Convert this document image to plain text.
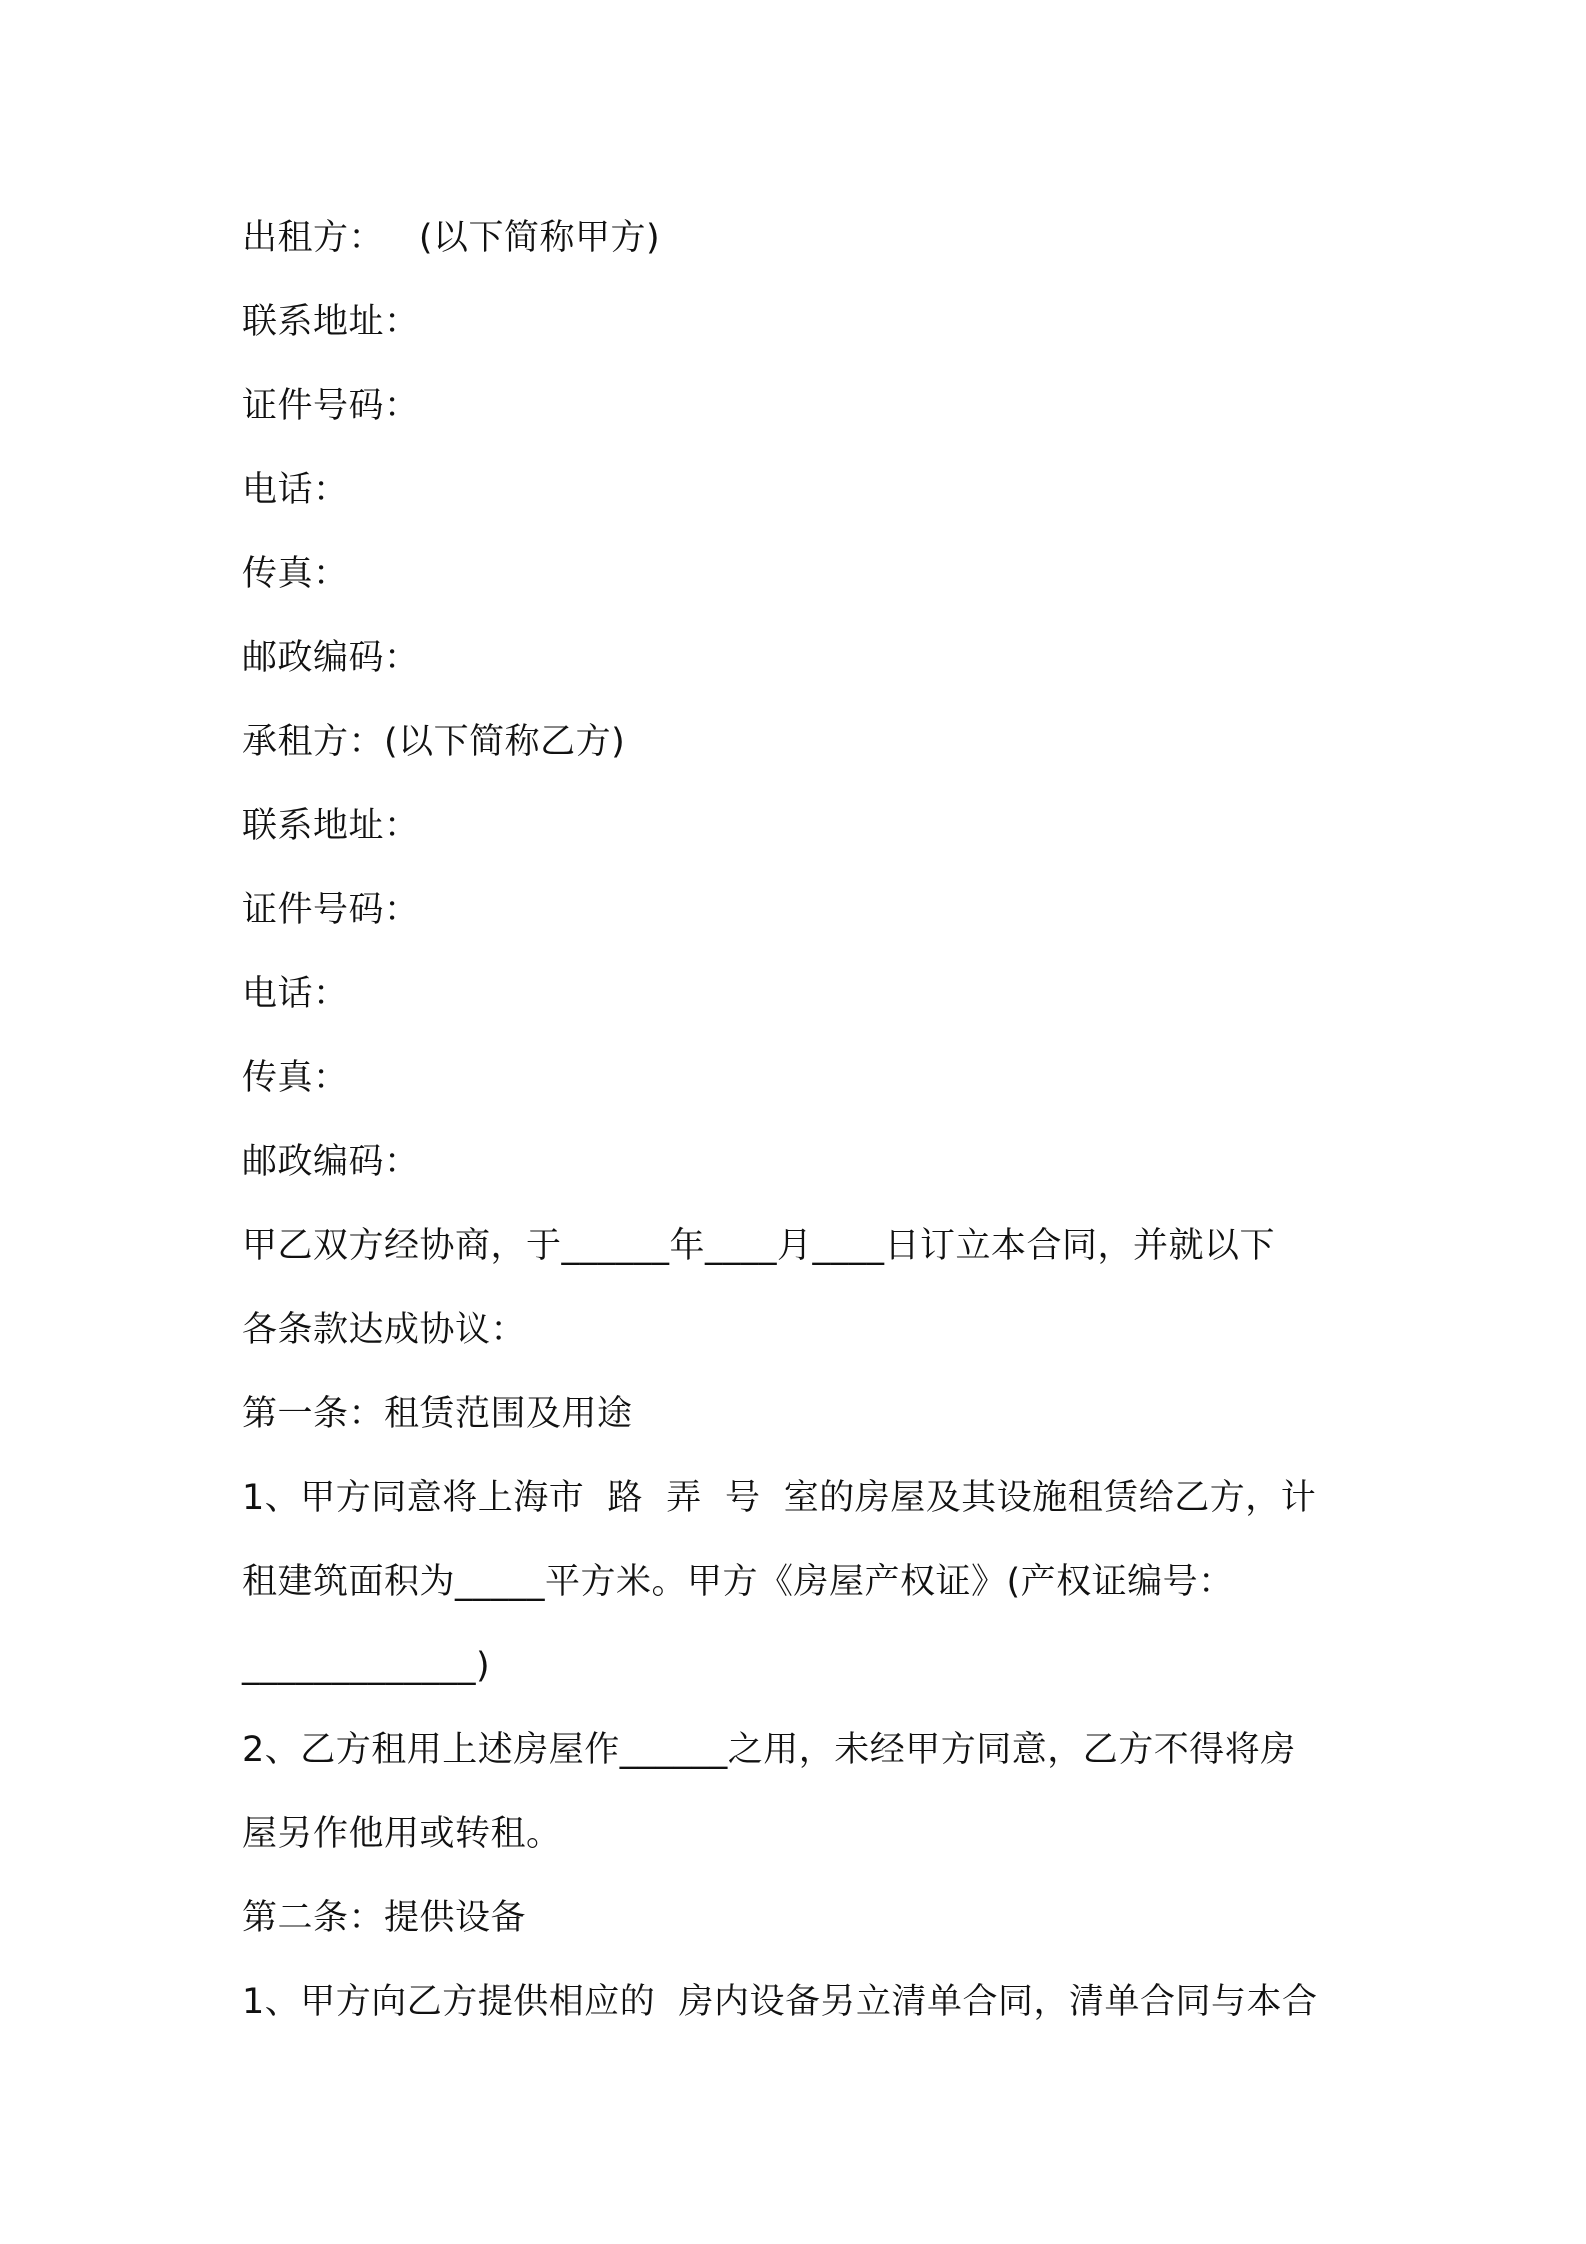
出租方：   (以下简称甲方)
联系地址：
证件号码：
电话：
传真：
邮政编码：
承租方：(以下简称乙方)
联系地址：
证件号码：
电话：
传真：
邮政编码：
甲乙双方经协商，于______年____月____日订立本合同，并就以下
各条款达成协议：
第一条：租赁范围及用途
1、甲方同意将上海市  路  弄  号  室的房屋及其设施租赁给乙方，计
租建筑面积为_____平方米。甲方《房屋产权证》(产权证编号：
_____________)
2、乙方租用上述房屋作______之用，未经甲方同意，乙方不得将房
屋另作他用或转租。
第二条：提供设备
1、甲方向乙方提供相应的  房内设备另立清单合同，清单合同与本合
